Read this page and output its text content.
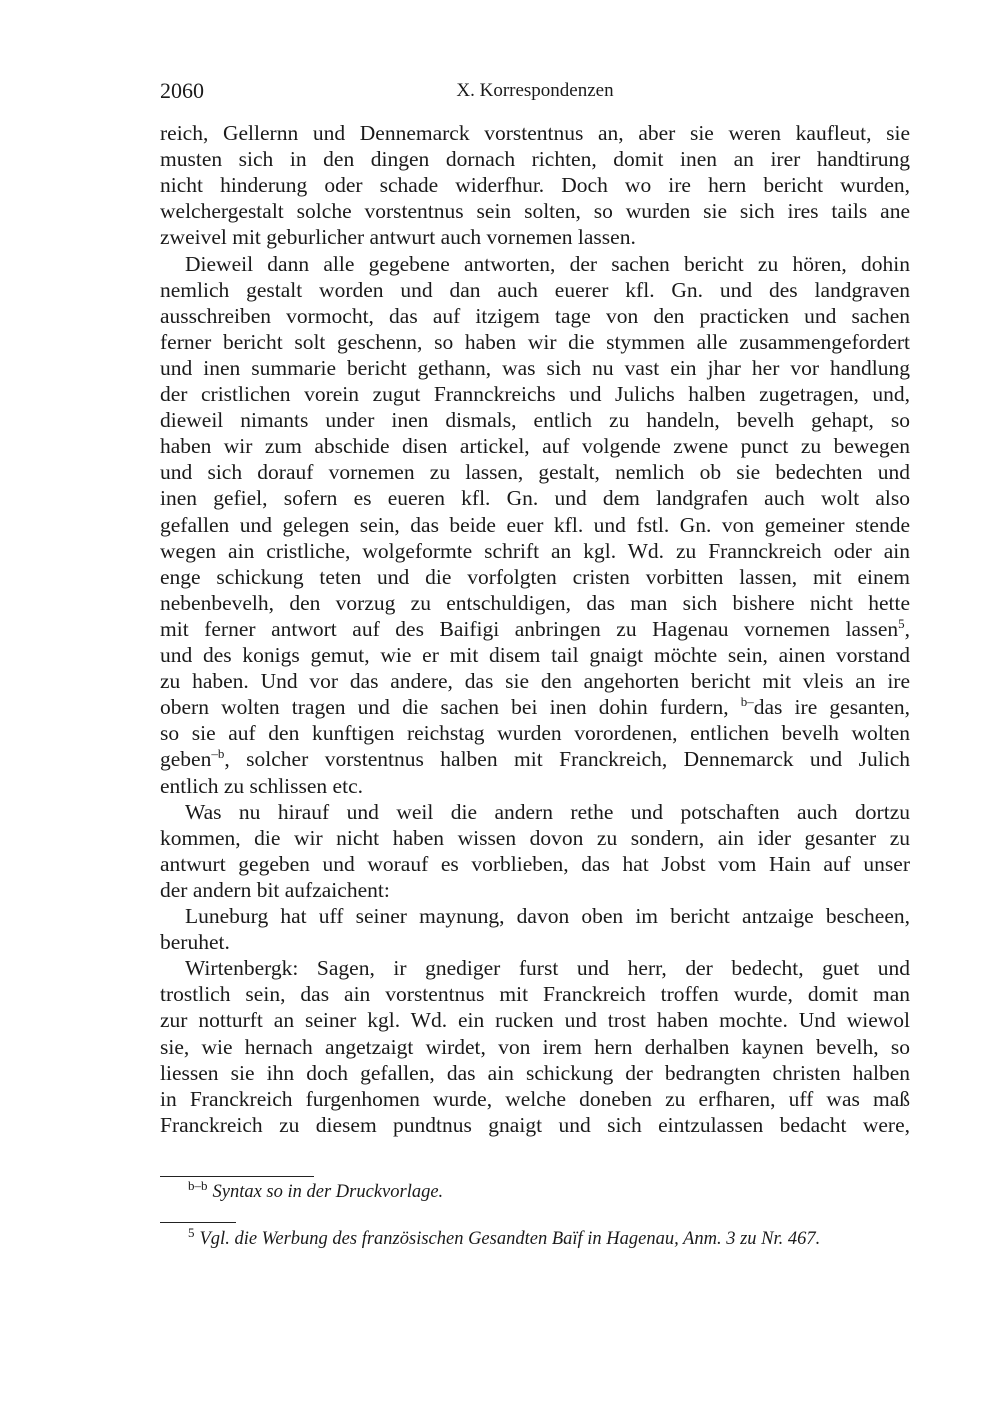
2060	X. Korrespondenzen
reich, Gellernn und Dennemarck vorstentnus an, aber sie weren kaufleut, sie
musten sich in den dingen dornach richten, domit inen an irer handtirung
nicht hinderung oder schade widerfhur. Doch wo ire hern bericht wurden,
welchergestalt solche vorstentnus sein solten, so wurden sie sich ires tails ane
zweivel mit geburlicher antwurt auch vornemen lassen.
Dieweil dann alle gegebene antworten, der sachen bericht zu hören, dohin
nemlich gestalt worden und dan auch euerer kfl. Gn. und des landgraven
ausschreiben vormocht, das auf itzigem tage von den practicken und sachen
ferner bericht solt geschenn, so haben wir die stymmen alle zusammengefordert
und inen summarie bericht gethann, was sich nu vast ein jhar her vor handlung
der cristlichen vorein zugut Frannckreichs und Julichs halben zugetragen, und,
dieweil nimants under inen dismals, entlich zu handeln, bevelh gehapt, so
haben wir zum abschide disen artickel, auf volgende zwene punct zu bewegen
und sich dorauf vornemen zu lassen, gestalt, nemlich ob sie bedechten und
inen gefiel, sofern es eueren kfl. Gn. und dem landgrafen auch wolt also
gefallen und gelegen sein, das beide euer kfl. und fstl. Gn. von gemeiner stende
wegen ain cristliche, wolgeformte schrift an kgl. Wd. zu Frannckreich oder ain
enge schickung teten und die vorfolgten cristen vorbitten lassen, mit einem
nebenbevelh, den vorzug zu entschuldigen, das man sich bishere nicht hette
mit ferner antwort auf des Baifigi anbringen zu Hagenau vornemen lassen$^5$,
und des konigs gemut, wie er mit disem tail gnaigt möchte sein, ainen vorstand
zu haben. Und vor das andere, das sie den angehorten bericht mit vleis an ire
obern wolten tragen und die sachen bei inen dohin furdern, $^{b-}$das ire gesanten,
so sie auf den kunftigen reichstag wurden vorordenen, entlichen bevelh wolten
geben$^{-b}$, solcher vorstentnus halben mit Franckreich, Dennemarck und Julich
entlich zu schlissen etc.
Was nu hirauf und weil die andern rethe und potschaften auch dortzu
kommen, die wir nicht haben wissen dovon zu sondern, ain ider gesanter zu
antwurt gegeben und worauf es vorblieben, das hat Jobst vom Hain auf unser
der andern bit aufzaichent:
Luneburg hat uff seiner maynung, davon oben im bericht antzaige bescheen,
beruhet.
Wirtenbergk: Sagen, ir gnediger furst und herr, der bedecht, guet und
trostlich sein, das ain vorstentnus mit Franckreich troffen wurde, domit man
zur notturft an seiner kgl. Wd. ein rucken und trost haben mochte. Und wiewol
sie, wie hernach angetzaigt wirdet, von irem hern derhalben kaynen bevelh, so
liessen sie ihn doch gefallen, das ain schickung der bedrangten christen halben
in Franckreich furgenhomen wurde, welche doneben zu erfharen, uff was maß
Franckreich zu diesem pundtnus gnaigt und sich eintzulassen bedacht were,
$^{b-b}$ Syntax so in der Druckvorlage.
$^5$ Vgl. die Werbung des französischen Gesandten Baïf in Hagenau, Anm. 3 zu Nr. 467.
